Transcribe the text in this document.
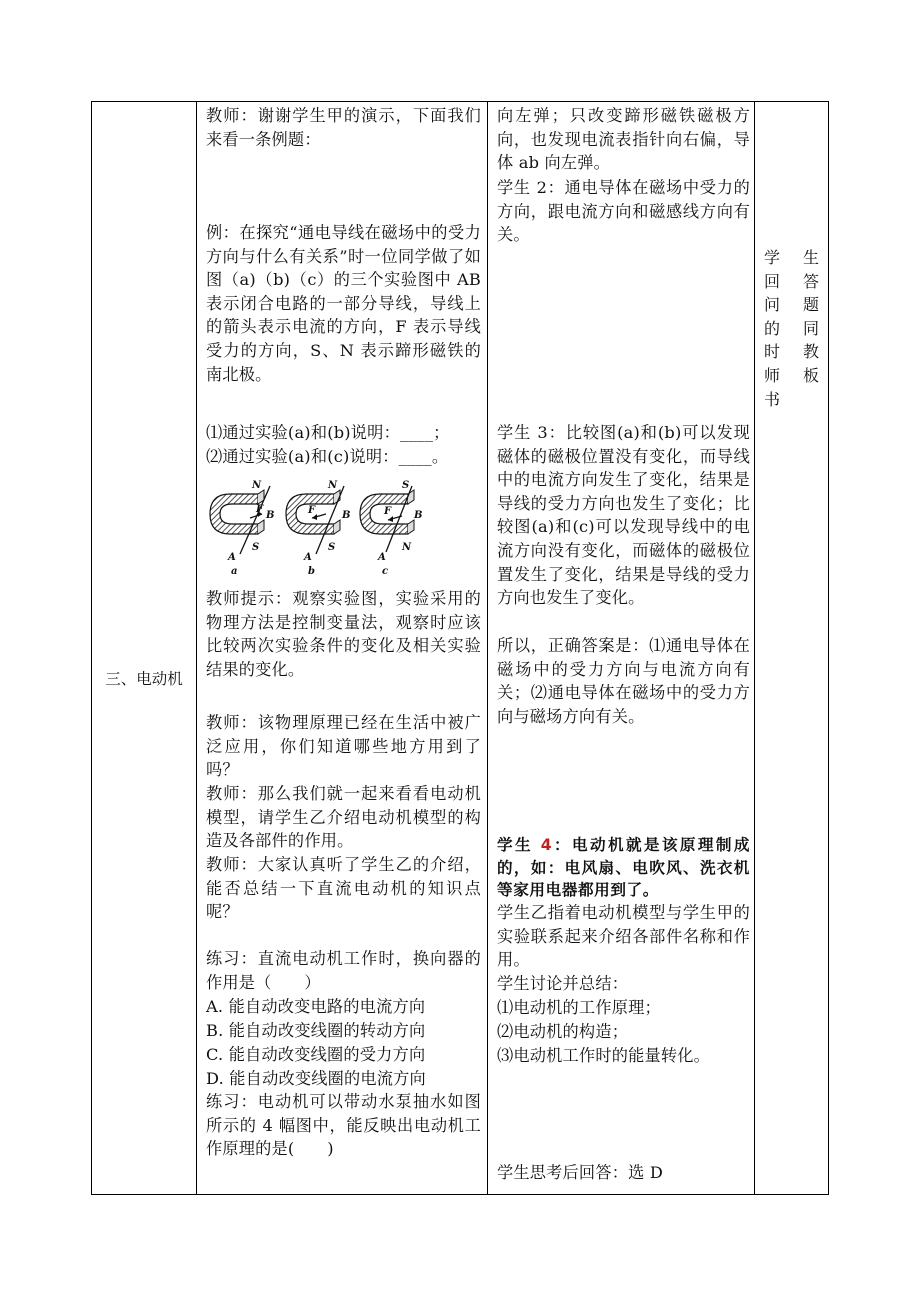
三、电动机

教师：谢谢学生甲的演示，下面我们来看一条例题：

例：在探究“通电导线在磁场中的受力方向与什么有关系”时一位同学做了如图（a)（b)（c）的三个实验图中 AB 表示闭合电路的一部分导线，导线上的箭头表示电流的方向，F 表示导线受力的方向，S、N 表示蹄形磁铁的南北极。

⑴通过实验(a)和(b)说明：____；

⑵通过实验(a)和(c)说明：____。

N
B
F
A
S
a
N
B
F
A
S
b
S
B
F
A
N
c

教师提示：观察实验图，实验采用的物理方法是控制变量法，观察时应该比较两次实验条件的变化及相关实验结果的变化。

教师：该物理原理已经在生活中被广泛应用，你们知道哪些地方用到了吗？

教师：那么我们就一起来看看电动机模型，请学生乙介绍电动机模型的构造及各部件的作用。

教师：大家认真听了学生乙的介绍，能否总结一下直流电动机的知识点呢？

练习：直流电动机工作时，换向器的作用是（　　）

A. 能自动改变电路的电流方向

B. 能自动改变线圈的转动方向

C. 能自动改变线圈的受力方向

D. 能自动改变线圈的电流方向

练习：电动机可以带动水泵抽水如图所示的 4 幅图中，能反映出电动机工作原理的是(　　)

向左弹；只改变蹄形磁铁磁极方向，也发现电流表指针向右偏，导体 ab 向左弹。

学生 2：通电导体在磁场中受力的方向，跟电流方向和磁感线方向有关。

学生 3：比较图(a)和(b)可以发现磁体的磁极位置没有变化，而导线中的电流方向发生了变化，结果是导线的受力方向也发生了变化；比较图(a)和(c)可以发现导线中的电流方向没有变化，而磁体的磁极位置发生了变化，结果是导线的受力方向也发生了变化。

所以，正确答案是：⑴通电导体在磁场中的受力方向与电流方向有关；⑵通电导体在磁场中的受力方向与磁场方向有关。

学生 4：电动机就是该原理制成的，如：电风扇、电吹风、洗衣机等家用电器都用到了。

学生乙指着电动机模型与学生甲的实验联系起来介绍各部件名称和作用。

学生讨论并总结：

⑴电动机的工作原理；

⑵电动机的构造；

⑶电动机工作时的能量转化。

学生思考后回答：选 D

学回问的时师书
生答题同教板
